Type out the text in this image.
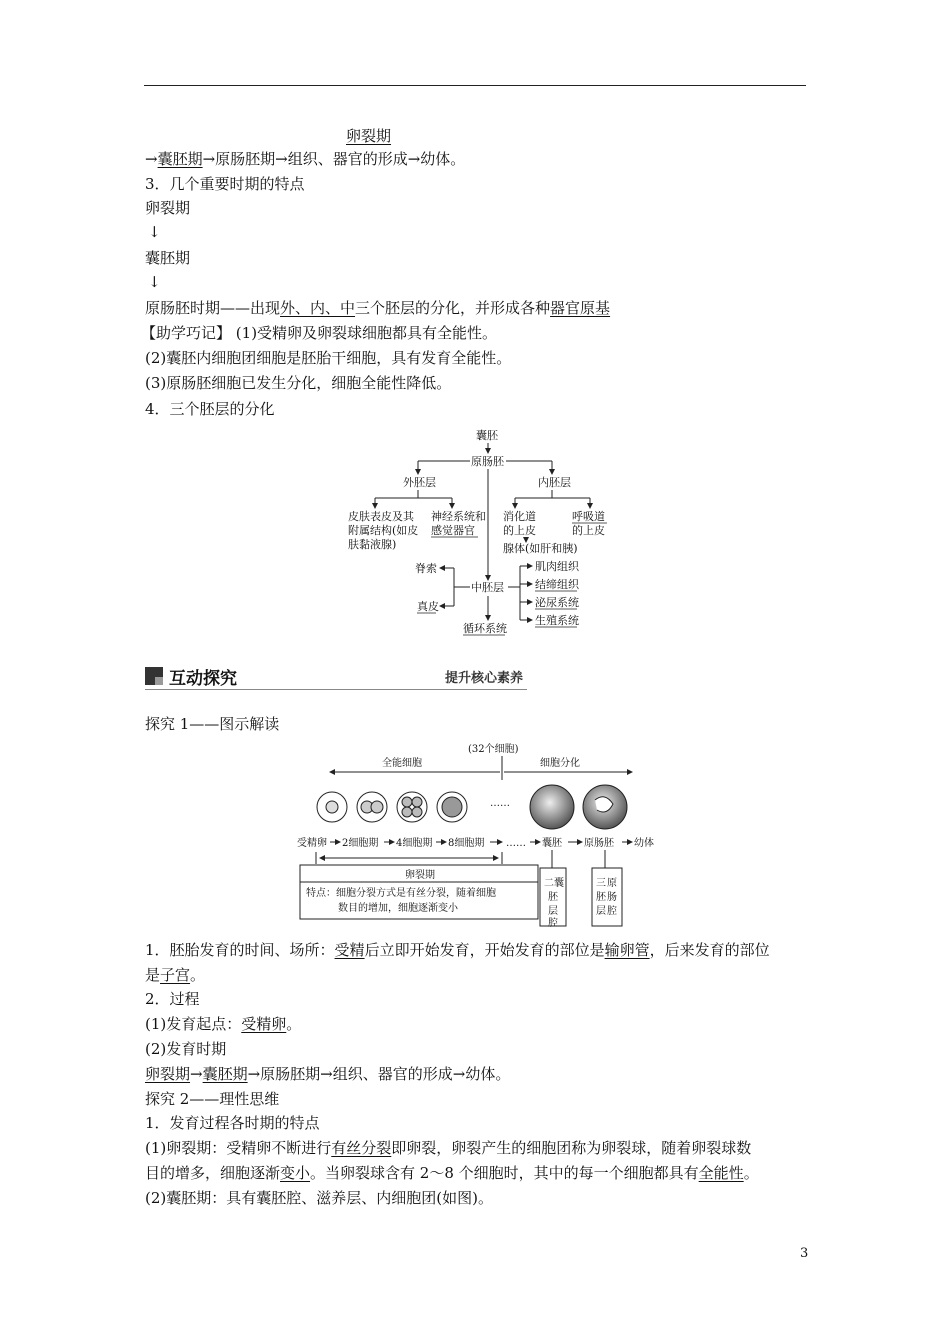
卵裂期
→囊胚期→原肠胚期→组织、器官的形成→幼体。
3．几个重要时期的特点
卵裂期
↓
囊胚期
↓
原肠胚时期——出现外、内、中三个胚层的分化，并形成各种器官原基
【助学巧记】 (1)受精卵及卵裂球细胞都具有全能性。
(2)囊胚内细胞团细胞是胚胎干细胞，具有发育全能性。
(3)原肠胚细胞已发生分化，细胞全能性降低。
4．三个胚层的分化
囊胚
原肠胚
外胚层	内胚层
皮肤表皮及其
附属结构(如皮
肤黏液腺)
神经系统和
感觉器官
消化道
的上皮
呼吸道
的上皮
腺体(如肝和胰)
脊索
中胚层
真皮
循环系统
肌肉组织
结缔组织
泌尿系统
生殖系统
互动探究	提升核心素养
探究 1——图示解读
(32个细胞)
全能细胞	细胞分化
……
受精卵 2细胞期 4细胞期 8细胞期 …… 囊胚 原肠胚 幼体
卵裂期
特点：细胞分裂方式是有丝分裂，随着细胞
数目的增加，细胞逐渐变小
二 囊
胚
层
腔
三 原
胚
层
肠
腔
1．胚胎发育的时间、场所：受精后立即开始发育，开始发育的部位是输卵管，后来发育的部位
是子宫。
2．过程
(1)发育起点：受精卵。
(2)发育时期
卵裂期→囊胚期→原肠胚期→组织、器官的形成→幼体。
探究 2——理性思维
1．发育过程各时期的特点
(1)卵裂期：受精卵不断进行有丝分裂即卵裂，卵裂产生的细胞团称为卵裂球，随着卵裂球数
目的增多，细胞逐渐变小。当卵裂球含有 2～8 个细胞时，其中的每一个细胞都具有全能性。
(2)囊胚期：具有囊胚腔、滋养层、内细胞团(如图)。
3
